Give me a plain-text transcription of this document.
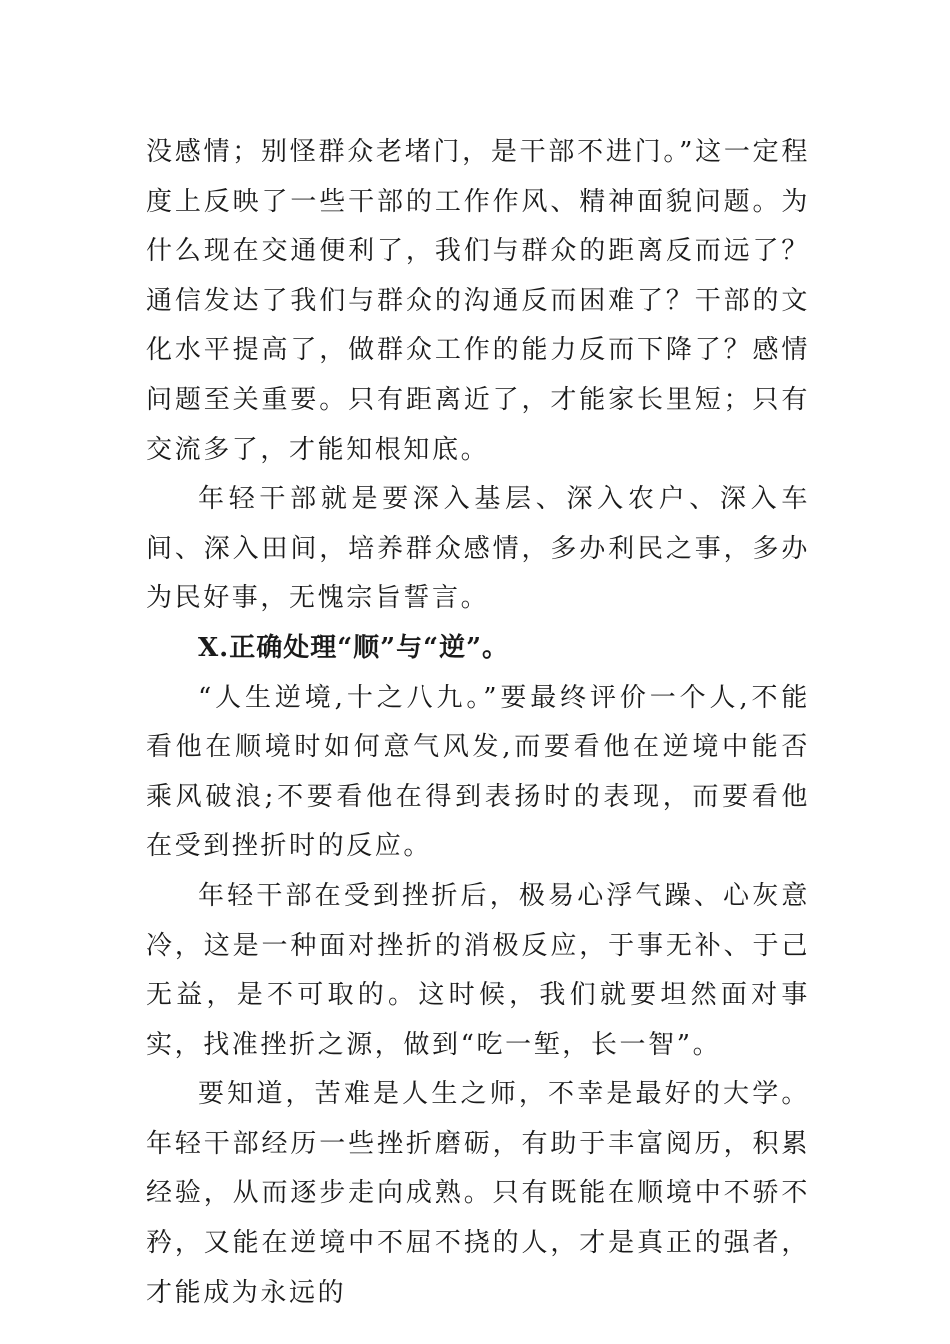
没感情；别怪群众老堵门，是干部不进门。”这一定程度上反映了一些干部的工作作风、精神面貌问题。为什么现在交通便利了，我们与群众的距离反而远了？通信发达了我们与群众的沟通反而困难了？干部的文化水平提高了，做群众工作的能力反而下降了？感情问题至关重要。只有距离近了，才能家长里短；只有交流多了，才能知根知底。

年轻干部就是要深入基层、深入农户、深入车间、深入田间，培养群众感情，多办利民之事，多办为民好事，无愧宗旨誓言。

X.正确处理“顺”与“逆”。

“人生逆境,十之八九。”要最终评价一个人,不能看他在顺境时如何意气风发,而要看他在逆境中能否乘风破浪;不要看他在得到表扬时的表现，而要看他在受到挫折时的反应。

年轻干部在受到挫折后，极易心浮气躁、心灰意冷，这是一种面对挫折的消极反应，于事无补、于己无益，是不可取的。这时候，我们就要坦然面对事实，找准挫折之源，做到“吃一堑，长一智”。

要知道，苦难是人生之师，不幸是最好的大学。年轻干部经历一些挫折磨砺，有助于丰富阅历，积累经验，从而逐步走向成熟。只有既能在顺境中不骄不矜，又能在逆境中不屈不挠的人，才是真正的强者，才能成为永远的
